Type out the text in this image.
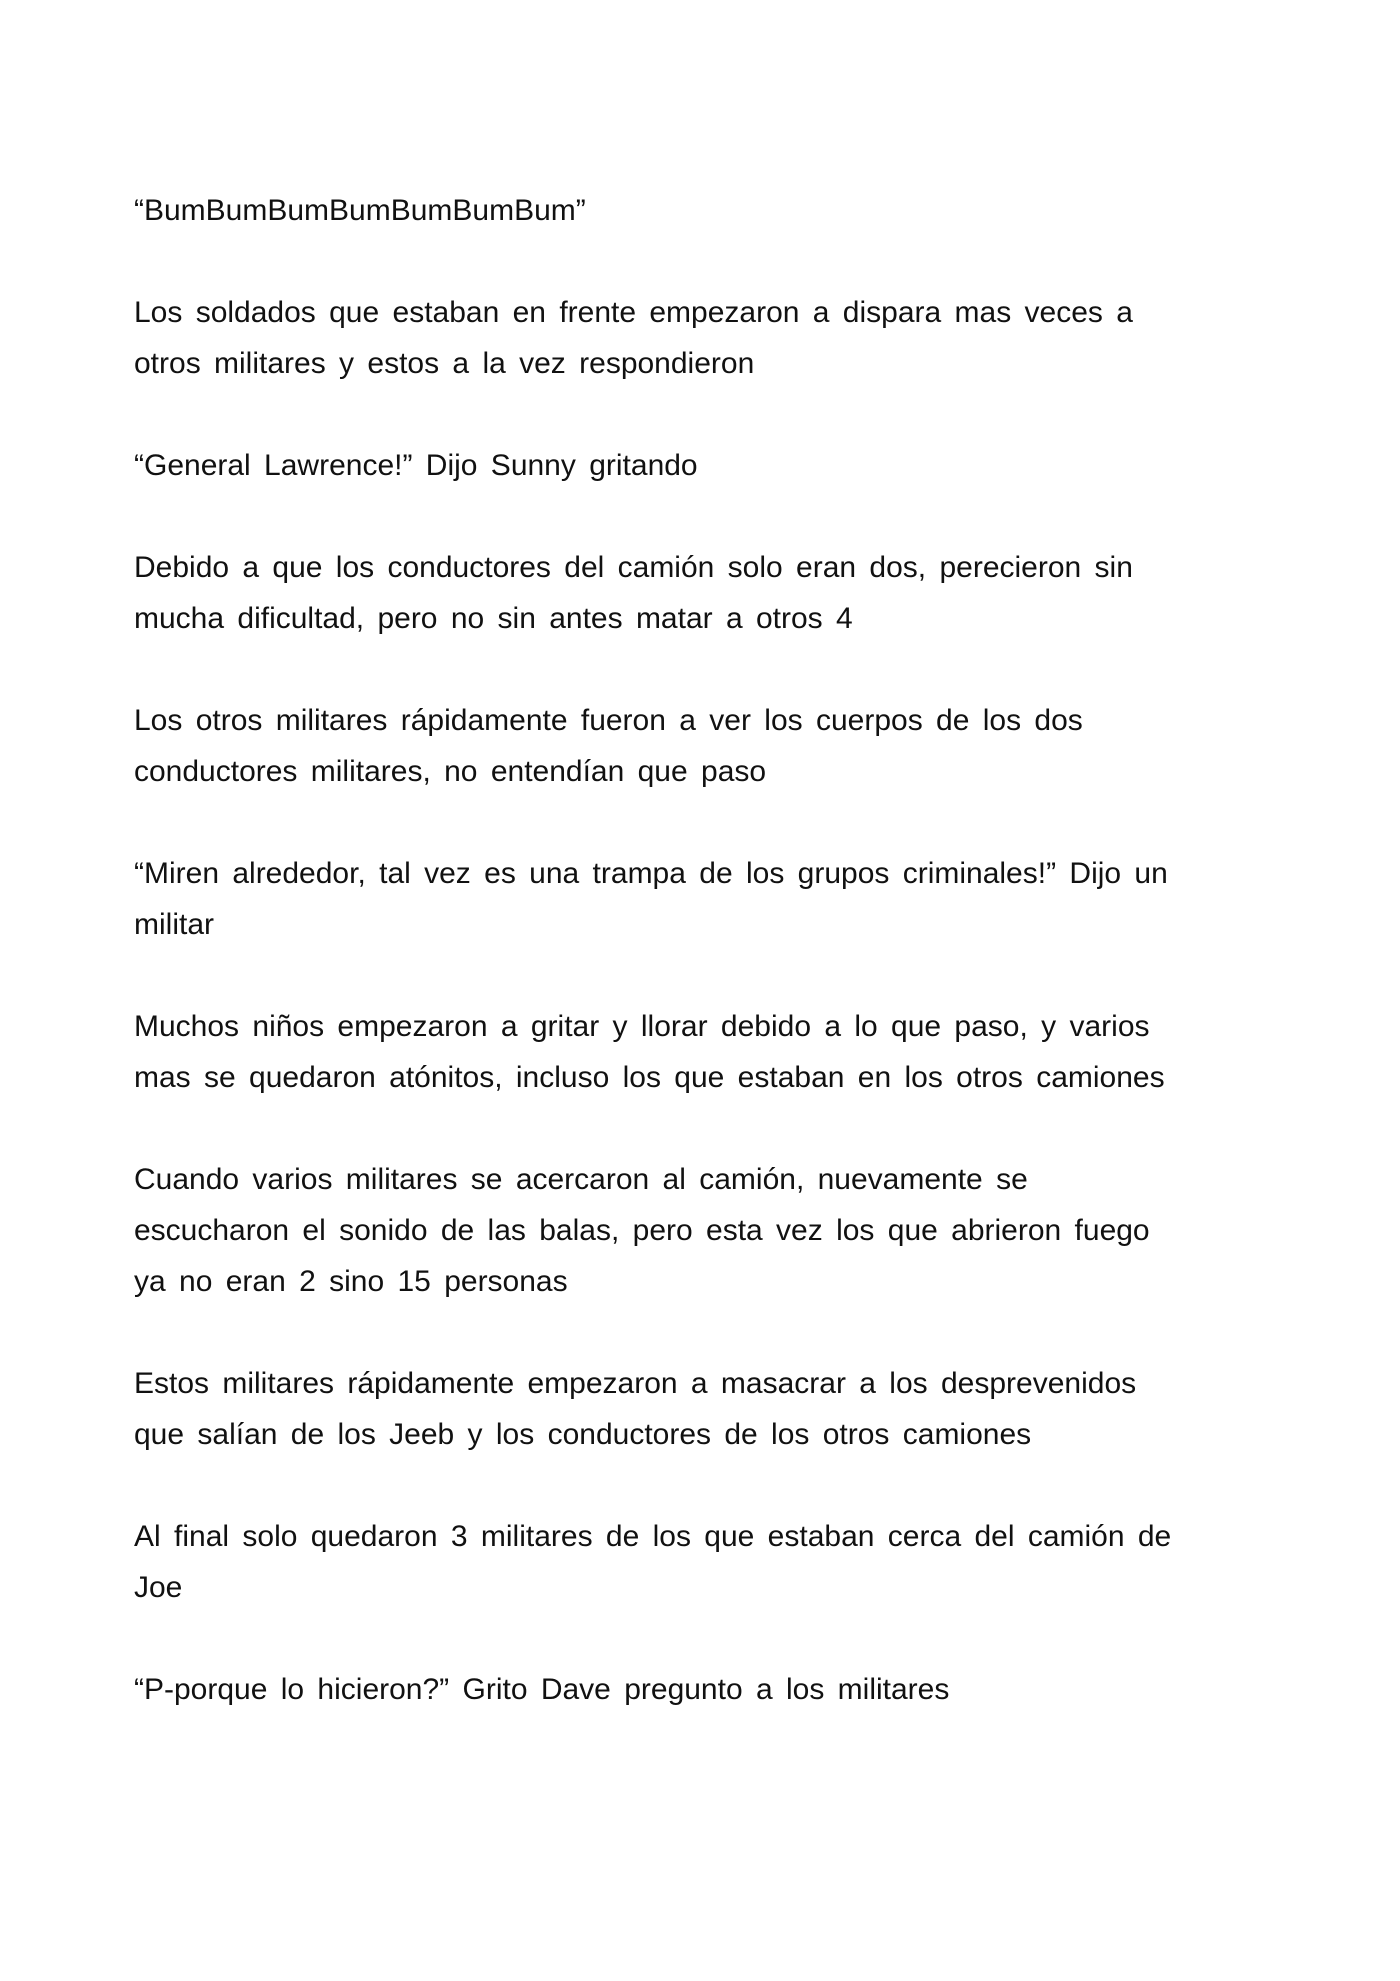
“BumBumBumBumBumBumBum”

Los soldados que estaban en frente empezaron a dispara mas veces a
otros militares y estos a la vez respondieron

“General Lawrence!” Dijo Sunny gritando

Debido a que los conductores del camión solo eran dos, perecieron sin
mucha dificultad, pero no sin antes matar a otros 4

Los otros militares rápidamente fueron a ver los cuerpos de los dos
conductores militares, no entendían que paso

“Miren alrededor, tal vez es una trampa de los grupos criminales!” Dijo un
militar

Muchos niños empezaron a gritar y llorar debido a lo que paso, y varios
mas se quedaron atónitos, incluso los que estaban en los otros camiones

Cuando varios militares se acercaron al camión, nuevamente se
escucharon el sonido de las balas, pero esta vez los que abrieron fuego
ya no eran 2 sino 15 personas

Estos militares rápidamente empezaron a masacrar a los desprevenidos
que salían de los Jeeb y los conductores de los otros camiones

Al final solo quedaron 3 militares de los que estaban cerca del camión de
Joe

“P-porque lo hicieron?” Grito Dave pregunto a los militares
